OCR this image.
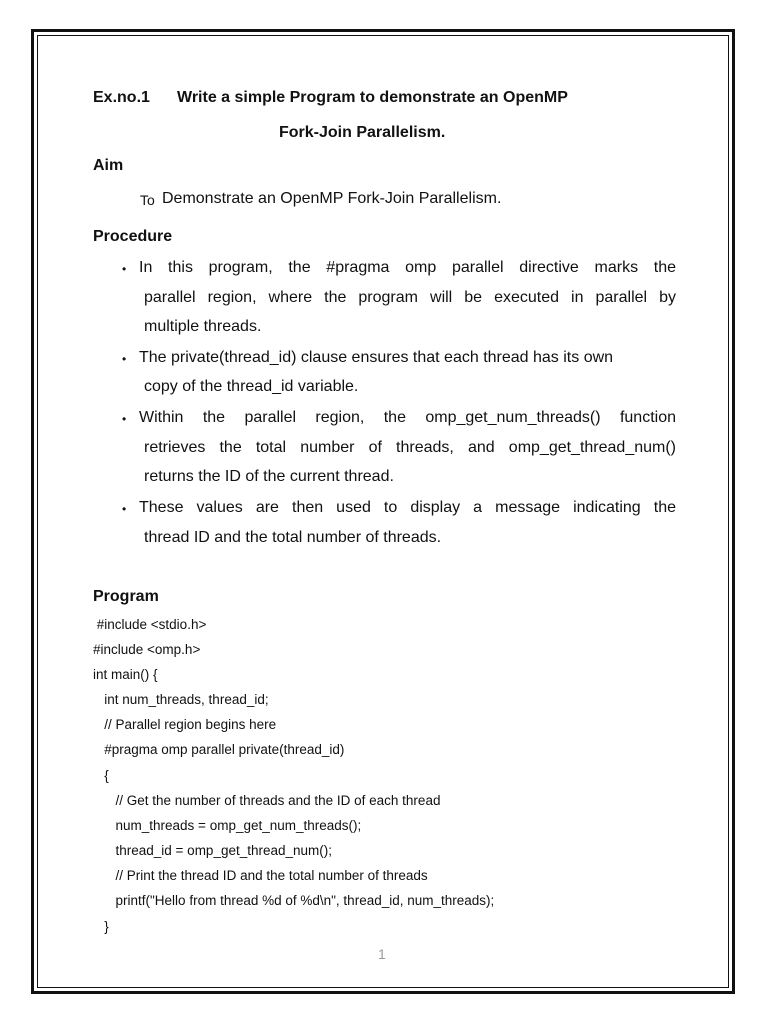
Ex.no.1 Write a simple Program to demonstrate an OpenMP
Fork-Join Parallelism.
Aim
To Demonstrate an OpenMP Fork-Join Parallelism.
Procedure
• In this program, the #pragma omp parallel directive marks the
parallel region, where the program will be executed in parallel by
multiple threads.
• The private(thread_id) clause ensures that each thread has its own
copy of the thread_id variable.
• Within the parallel region, the omp_get_num_threads() function
retrieves the total number of threads, and omp_get_thread_num()
returns the ID of the current thread.
• These values are then used to display a message indicating the
thread ID and the total number of threads.
Program
#include <stdio.h>
#include <omp.h>
int main() {
int num_threads, thread_id;
// Parallel region begins here
#pragma omp parallel private(thread_id)
{
// Get the number of threads and the ID of each thread
num_threads = omp_get_num_threads();
thread_id = omp_get_thread_num();
// Print the thread ID and the total number of threads
printf("Hello from thread %d of %d\n", thread_id, num_threads);
}
1
